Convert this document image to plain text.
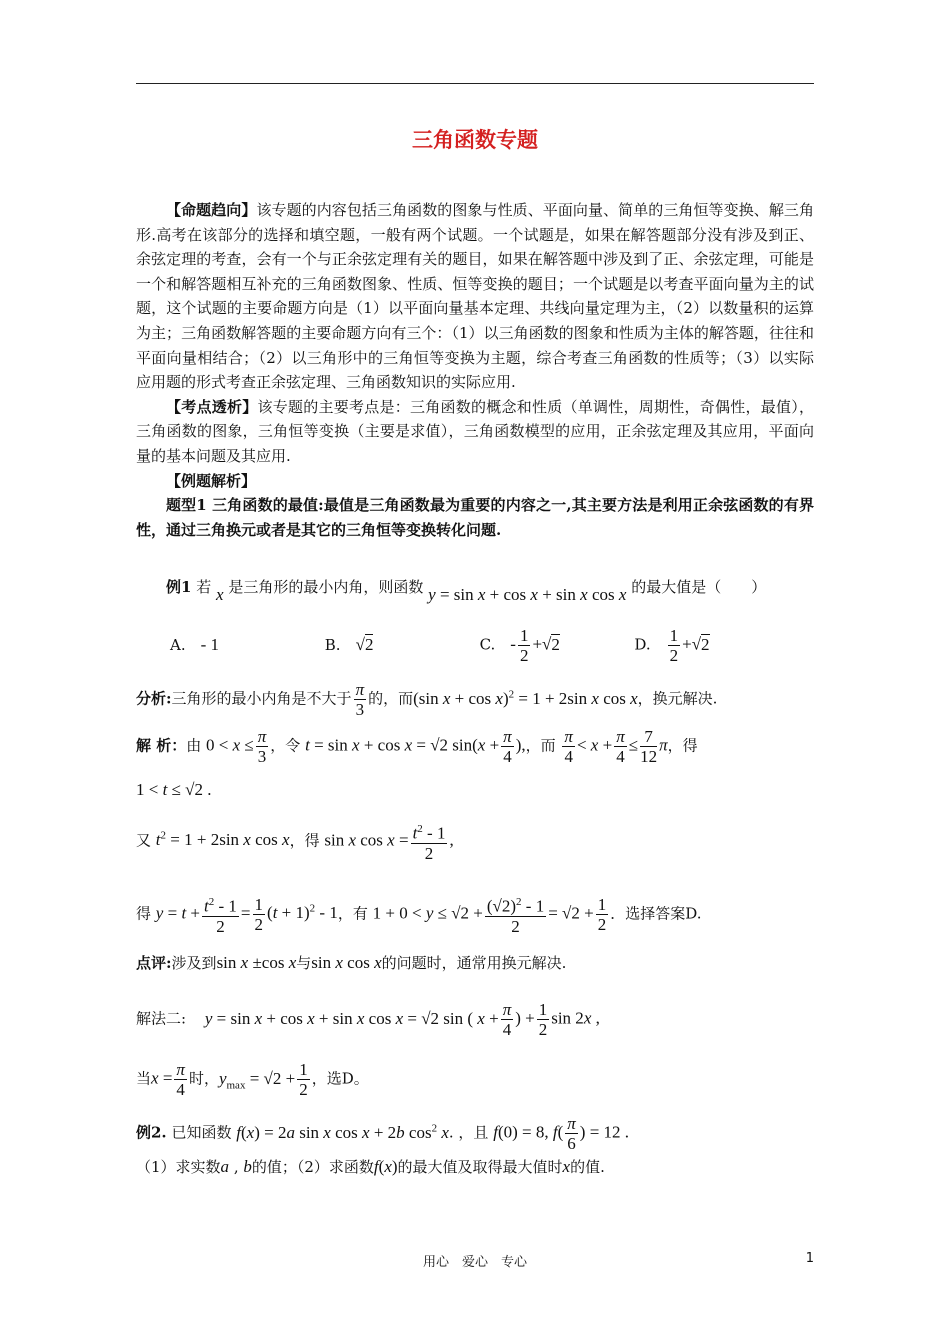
三角函数专题

【命题趋向】该专题的内容包括三角函数的图象与性质、平面向量、简单的三角恒等变换、解三角形.高考在该部分的选择和填空题，一般有两个试题。一个试题是，如果在解答题部分没有涉及到正、余弦定理的考查，会有一个与正余弦定理有关的题目，如果在解答题中涉及到了正、余弦定理，可能是一个和解答题相互补充的三角函数图象、性质、恒等变换的题目；一个试题是以考查平面向量为主的试题，这个试题的主要命题方向是（1）以平面向量基本定理、共线向量定理为主，（2）以数量积的运算为主；三角函数解答题的主要命题方向有三个：（1）以三角函数的图象和性质为主体的解答题，往往和平面向量相结合；（2）以三角形中的三角恒等变换为主题，综合考查三角函数的性质等；（3）以实际应用题的形式考查正余弦定理、三角函数知识的实际应用.

【考点透析】该专题的主要考点是：三角函数的概念和性质（单调性，周期性，奇偶性，最值），三角函数的图象，三角恒等变换（主要是求值），三角函数模型的应用，正余弦定理及其应用，平面向量的基本问题及其应用.

【例题解析】

题型1 三角函数的最值:最值是三角函数最为重要的内容之一,其主要方法是利用正余弦函数的有界性，通过三角换元或者是其它的三角恒等变换转化问题.

例1 若 x 是三角形的最小内角，则函数 y = sin x + cos x + sin x cos x 的最大值是（　　）
A.　 - 1	B.　 √2	C.　 - $\frac{1}{2} +√2$	D.　 $\frac{1}{2} +√2$
分析:三角形的最小内角是不大于 $\frac{\pi}{3}$ 的，而(sin x + cos x)$^2$ = 1 + 2sin x cos x，换元解决.
解 析：由 $0 < x \le \frac{\pi}{3}$ ，令 t = sin x + cos x = √2 $\sin(x + \frac{\pi}{4}$ ),，而 $\frac{\pi}{4} < x + \frac{\pi}{4} \le \frac{7}{12}$ π，得
1 < t ≤ √2 .
又 $t^2 = 1 + 2\sin$ x cos x，得 sin x $\cos x = \frac{t^2 - 1}{2}$ ,
得 $y = t + \frac{t^2 - 1}{2} = \frac{1}{2} (t + 1)^2 - 1$，有 $1 + 0 < y \le √2 + \frac{(√2)^2 - 1}{2} = √2 + \frac{1}{2}$ ．选择答案D.
点评:涉及到sin x ±cos x与sin x cos x的问题时，通常用换元解决.
解法二: y = sin x + cos x + sin x cos x = √2 sin ( $x + \frac{\pi}{4}$ ) + $\frac{1}{2}$ sin 2x ,
当$x = \frac{\pi}{4}$ 时，$y_{max} = √2 + \frac{1}{2}$ ，选D。
例2. 已知函数 f(x) = 2a sin x cos x + 2b $\cos^2 x$. ，且 f(0) = 8, $f( \frac{\pi}{6}$ ) = 12 .
（1）求实数a , b的值；（2）求函数f(x)的最大值及取得最大值时x的值.
用心　爱心　专心	1
